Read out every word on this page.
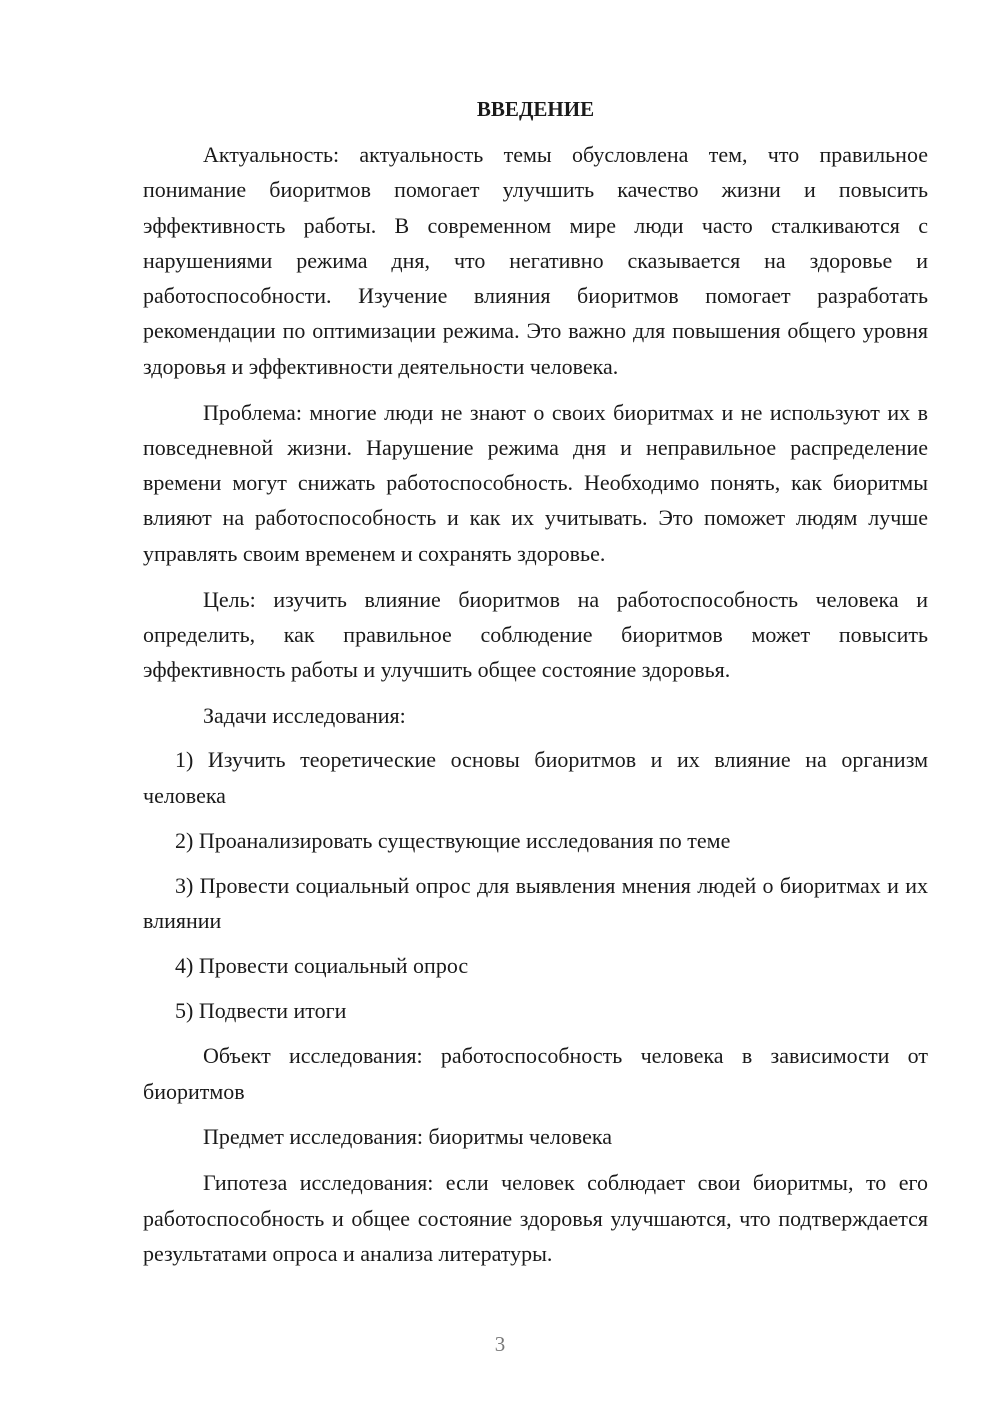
ВВЕДЕНИЕ

Актуальность: актуальность темы обусловлена тем, что правильное понимание биоритмов помогает улучшить качество жизни и повысить эффективность работы. В современном мире люди часто сталкиваются с нарушениями режима дня, что негативно сказывается на здоровье и работоспособности. Изучение влияния биоритмов помогает разработать рекомендации по оптимизации режима. Это важно для повышения общего уровня здоровья и эффективности деятельности человека.

Проблема: многие люди не знают о своих биоритмах и не используют их в повседневной жизни. Нарушение режима дня и неправильное распределение времени могут снижать работоспособность. Необходимо понять, как биоритмы влияют на работоспособность и как их учитывать. Это поможет людям лучше управлять своим временем и сохранять здоровье.

Цель: изучить влияние биоритмов на работоспособность человека и определить, как правильное соблюдение биоритмов может повысить эффективность работы и улучшить общее состояние здоровья.

Задачи исследования:

1) Изучить теоретические основы биоритмов и их влияние на организм человека

2) Проанализировать существующие исследования по теме

3) Провести социальный опрос для выявления мнения людей о биоритмах и их влиянии

4) Провести социальный опрос

5) Подвести итоги

Объект исследования: работоспособность человека в зависимости от биоритмов

Предмет исследования: биоритмы человека

Гипотеза исследования: если человек соблюдает свои биоритмы, то его работоспособность и общее состояние здоровья улучшаются, что подтверждается результатами опроса и анализа литературы.

3
